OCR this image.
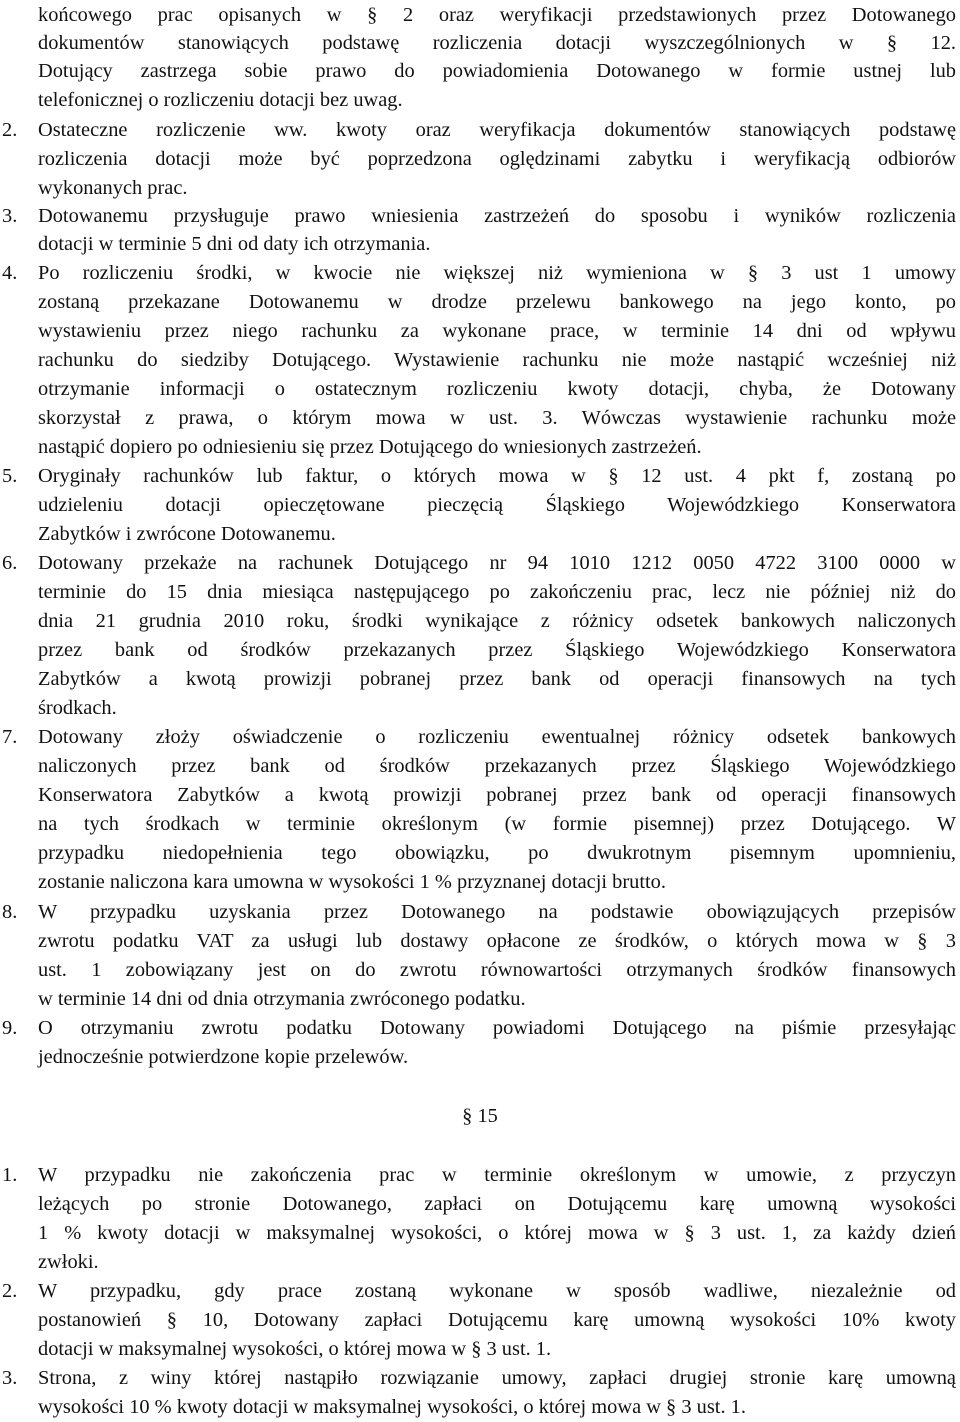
końcowego prac opisanych w § 2 oraz weryfikacji przedstawionych przez Dotowanego
dokumentów stanowiących podstawę rozliczenia dotacji wyszczególnionych w § 12.
Dotujący zastrzega sobie prawo do powiadomienia Dotowanego w formie ustnej lub
telefonicznej o rozliczeniu dotacji bez uwag.
2.	Ostateczne rozliczenie ww. kwoty oraz weryfikacja dokumentów stanowiących podstawę
rozliczenia dotacji może być poprzedzona oględzinami zabytku i weryfikacją odbiorów
wykonanych prac.
3.	Dotowanemu przysługuje prawo wniesienia zastrzeżeń do sposobu i wyników rozliczenia
dotacji w terminie 5 dni od daty ich otrzymania.
4.	Po rozliczeniu środki, w kwocie nie większej niż wymieniona w § 3 ust 1 umowy
zostaną przekazane Dotowanemu w drodze przelewu bankowego na jego konto, po
wystawieniu przez niego rachunku za wykonane prace, w terminie 14 dni od wpływu
rachunku do siedziby Dotującego. Wystawienie rachunku nie może nastąpić wcześniej niż
otrzymanie informacji o ostatecznym rozliczeniu kwoty dotacji, chyba, że Dotowany
skorzystał z prawa, o którym mowa w ust. 3. Wówczas wystawienie rachunku może
nastąpić dopiero po odniesieniu się przez Dotującego do wniesionych zastrzeżeń.
5.	Oryginały rachunków lub faktur, o których mowa w § 12 ust. 4 pkt f, zostaną po
udzieleniu dotacji opieczętowane pieczęcią Śląskiego Wojewódzkiego Konserwatora
Zabytków i zwrócone Dotowanemu.
6.	Dotowany przekaże na rachunek Dotującego nr 94 1010 1212 0050 4722 3100 0000 w
terminie do 15 dnia miesiąca następującego po zakończeniu prac, lecz nie później niż do
dnia 21 grudnia 2010 roku, środki wynikające z różnicy odsetek bankowych naliczonych
przez bank od środków przekazanych przez Śląskiego Wojewódzkiego Konserwatora
Zabytków a kwotą prowizji pobranej przez bank od operacji finansowych na tych
środkach.
7.	Dotowany złoży oświadczenie o rozliczeniu ewentualnej różnicy odsetek bankowych
naliczonych przez bank od środków przekazanych przez Śląskiego Wojewódzkiego
Konserwatora Zabytków a kwotą prowizji pobranej przez bank od operacji finansowych
na tych środkach w terminie określonym (w formie pisemnej) przez Dotującego. W
przypadku niedopełnienia tego obowiązku, po dwukrotnym pisemnym upomnieniu,
zostanie naliczona kara umowna w wysokości 1 % przyznanej dotacji brutto.
8.	W przypadku uzyskania przez Dotowanego na podstawie obowiązujących przepisów
zwrotu podatku VAT za usługi lub dostawy opłacone ze środków, o których mowa w § 3
ust. 1 zobowiązany jest on do zwrotu równowartości otrzymanych środków finansowych
w terminie 14 dni od dnia otrzymania zwróconego podatku.
9.	O otrzymaniu zwrotu podatku Dotowany powiadomi Dotującego na piśmie przesyłając
jednocześnie potwierdzone kopie przelewów.
§ 15
1.	W przypadku nie zakończenia prac w terminie określonym w umowie, z przyczyn
leżących po stronie Dotowanego, zapłaci on Dotującemu karę umowną wysokości
1 % kwoty dotacji w maksymalnej wysokości, o której mowa w § 3 ust. 1, za każdy dzień
zwłoki.
2.	W przypadku, gdy prace zostaną wykonane w sposób wadliwe, niezależnie od
postanowień § 10, Dotowany zapłaci Dotującemu karę umowną wysokości 10% kwoty
dotacji w maksymalnej wysokości, o której mowa w § 3 ust. 1.
3.	Strona, z winy której nastąpiło rozwiązanie umowy, zapłaci drugiej stronie karę umowną
wysokości 10 % kwoty dotacji w maksymalnej wysokości, o której mowa w § 3 ust. 1.
